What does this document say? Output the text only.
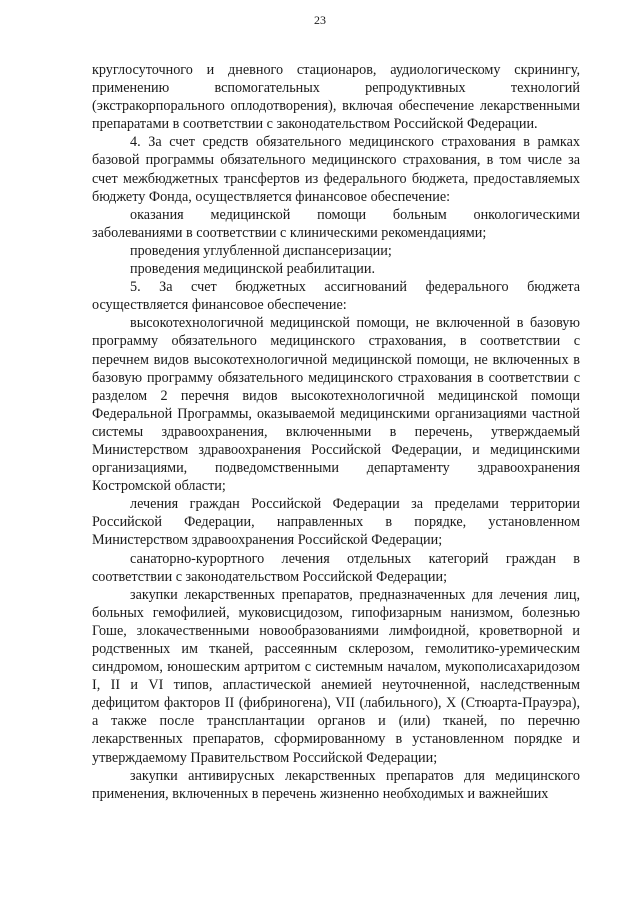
23

круглосуточного и дневного стационаров, аудиологическому скринингу, применению вспомогательных репродуктивных технологий (экстракорпорального оплодотворения), включая обеспечение лекарственными препаратами в соответствии с законодательством Российской Федерации.

4. За счет средств обязательного медицинского страхования в рамках базовой программы обязательного медицинского страхования, в том числе за счет межбюджетных трансфертов из федерального бюджета, предоставляемых бюджету Фонда, осуществляется финансовое обеспечение:

оказания медицинской помощи больным онкологическими заболеваниями в соответствии с клиническими рекомендациями;

проведения углубленной диспансеризации;

проведения медицинской реабилитации.

5. За счет бюджетных ассигнований федерального бюджета осуществляется финансовое обеспечение:

высокотехнологичной медицинской помощи, не включенной в базовую программу обязательного медицинского страхования, в соответствии с перечнем видов высокотехнологичной медицинской помощи, не включенных в базовую программу обязательного медицинского страхования в соответствии с разделом 2 перечня видов высокотехнологичной медицинской помощи Федеральной Программы, оказываемой медицинскими организациями частной системы здравоохранения, включенными в перечень, утверждаемый Министерством здравоохранения Российской Федерации, и медицинскими организациями, подведомственными департаменту здравоохранения Костромской области;

лечения граждан Российской Федерации за пределами территории Российской Федерации, направленных в порядке, установленном Министерством здравоохранения Российской Федерации;

санаторно-курортного лечения отдельных категорий граждан в соответствии с законодательством Российской Федерации;

закупки лекарственных препаратов, предназначенных для лечения лиц, больных гемофилией, муковисцидозом, гипофизарным нанизмом, болезнью Гоше, злокачественными новообразованиями лимфоидной, кроветворной и родственных им тканей, рассеянным склерозом, гемолитико-уремическим синдромом, юношеским артритом с системным началом, мукополисахаридозом I, II и VI типов, апластической анемией неуточненной, наследственным дефицитом факторов II (фибриногена), VII (лабильного), X (Стюарта-Прауэра), а также после трансплантации органов и (или) тканей, по перечню лекарственных препаратов, сформированному в установленном порядке и утверждаемому Правительством Российской Федерации;

закупки антивирусных лекарственных препаратов для медицинского применения, включенных в перечень жизненно необходимых и важнейших
